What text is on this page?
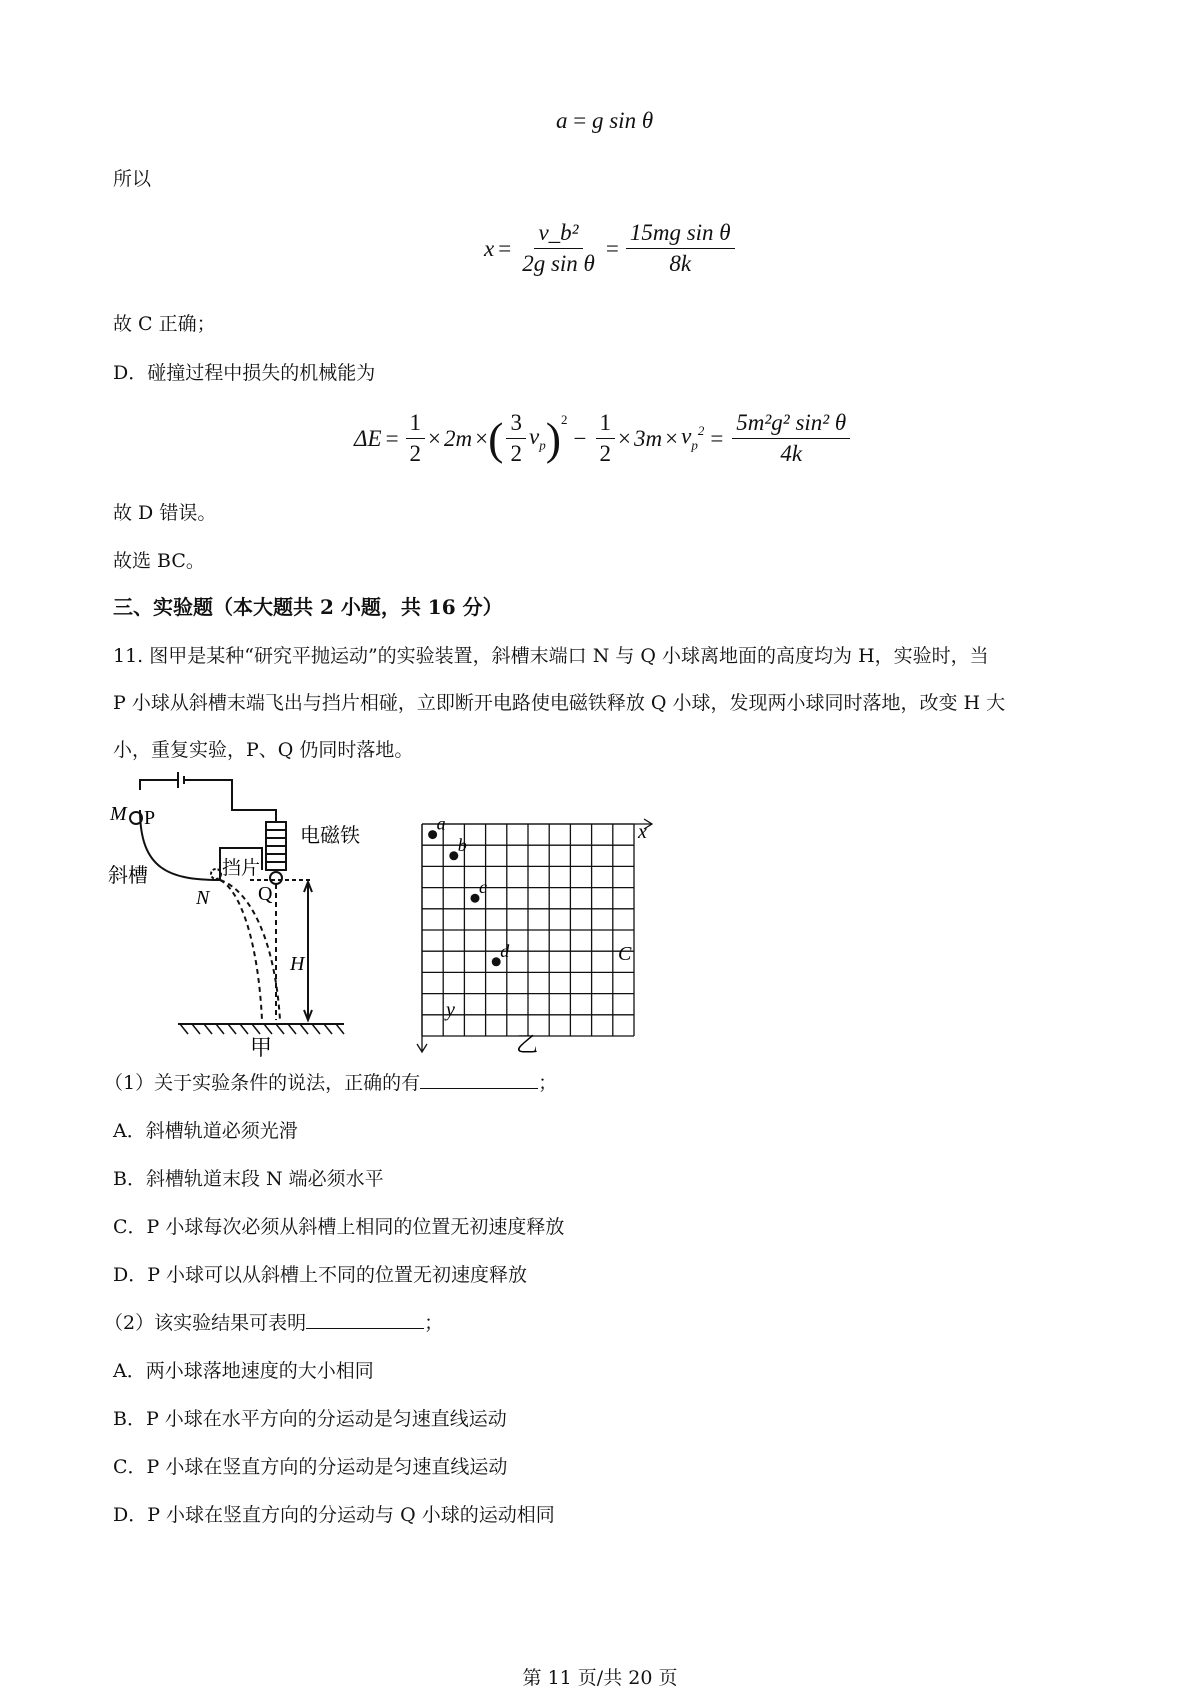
a = g sin θ
所以
$x = \frac{\text{v\_b²}}{\text{2g sin θ}} = \frac{\text{15mg sin θ}}{8k}$
故 C 正确；
D．碰撞过程中损失的机械能为
$\Delta E = \frac{1}{2} \times 2m$ × ( $\frac{3}{2} v_p$ )$^2$
− $\frac{1}{2} \times 3m \times v_p^2 = \frac{\text{5m²g² sin² θ}}{4k}$
故 D 错误。
故选 BC。
三、实验题（本大题共 2 小题，共 16 分）
11. 图甲是某种“研究平抛运动”的实验装置，斜槽末端口 N 与 Q 小球离地面的高度均为 H，实验时，当
P 小球从斜槽末端飞出与挡片相碰，立即断开电路使电磁铁释放 Q 小球，发现两小球同时落地，改变 H 大
小，重复实验，P、Q 仍同时落地。
M P
电磁铁
斜槽	挡片
N Q
H
甲
a
b
c
d
x
y
C
乙
（1）关于实验条件的说法，正确的有	；
A．斜槽轨道必须光滑
B．斜槽轨道末段 N 端必须水平
C．P 小球每次必须从斜槽上相同的位置无初速度释放
D．P 小球可以从斜槽上不同的位置无初速度释放
（2）该实验结果可表明	；
A．两小球落地速度的大小相同
B．P 小球在水平方向的分运动是匀速直线运动
C．P 小球在竖直方向的分运动是匀速直线运动
D．P 小球在竖直方向的分运动与 Q 小球的运动相同
第 11 页/共 20 页
